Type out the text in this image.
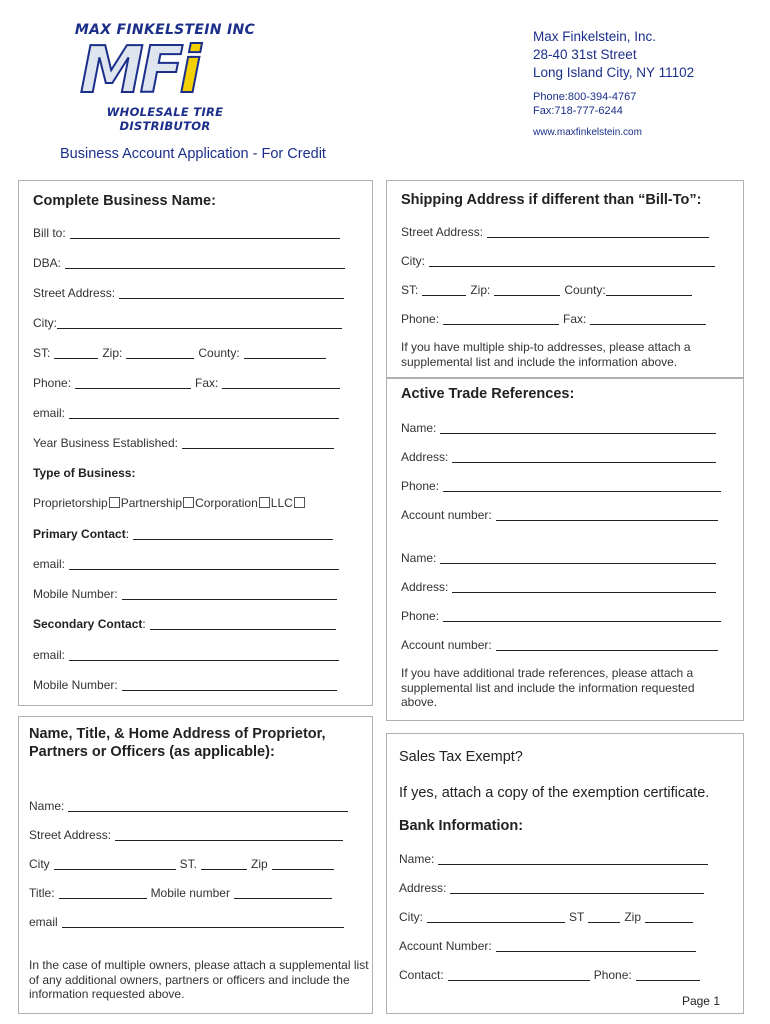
MAX FINKELSTEIN INC
MFi
WHOLESALE TIRE DISTRIBUTOR
Max Finkelstein, Inc.
28-40 31st Street
Long Island City, NY 11102
Phone:800-394-4767
Fax:718-777-6244
www.maxfinkelstein.com
Business Account Application - For Credit
Complete Business Name:
Bill to:
DBA:
Street Address:
City:
ST:	Zip:	County:
Phone:	Fax:
email:
Year Business Established:
Type of Business:
Proprietorship Partnership Corporation LLC
Primary Contact :
email:
Mobile Number:
Secondary Contact :
email:
Mobile Number:
Name, Title, & Home Address of Proprietor, Partners or Officers (as applicable):
Name:
Street Address:
City	ST.	Zip
Title:	Mobile number
email
In the case of multiple owners, please attach a supplemental list of any additional owners, partners or officers and include the information requested above.
Shipping Address if different than “Bill-To”:
Street Address:
City:
ST:	Zip:	County:
Phone:	Fax:
If you have multiple ship-to addresses, please attach a supplemental list and include the information above.
Active Trade References:
Name:
Address:
Phone:
Account number:
Name:
Address:
Phone:
Account number:
If you have additional trade references, please attach a supplemental list and include the information requested above.
Sales Tax Exempt?
If yes, attach a copy of the exemption certificate.
Bank Information:
Name:
Address:
City:	ST	Zip
Account Number:
Contact:	Phone:
Page 1
